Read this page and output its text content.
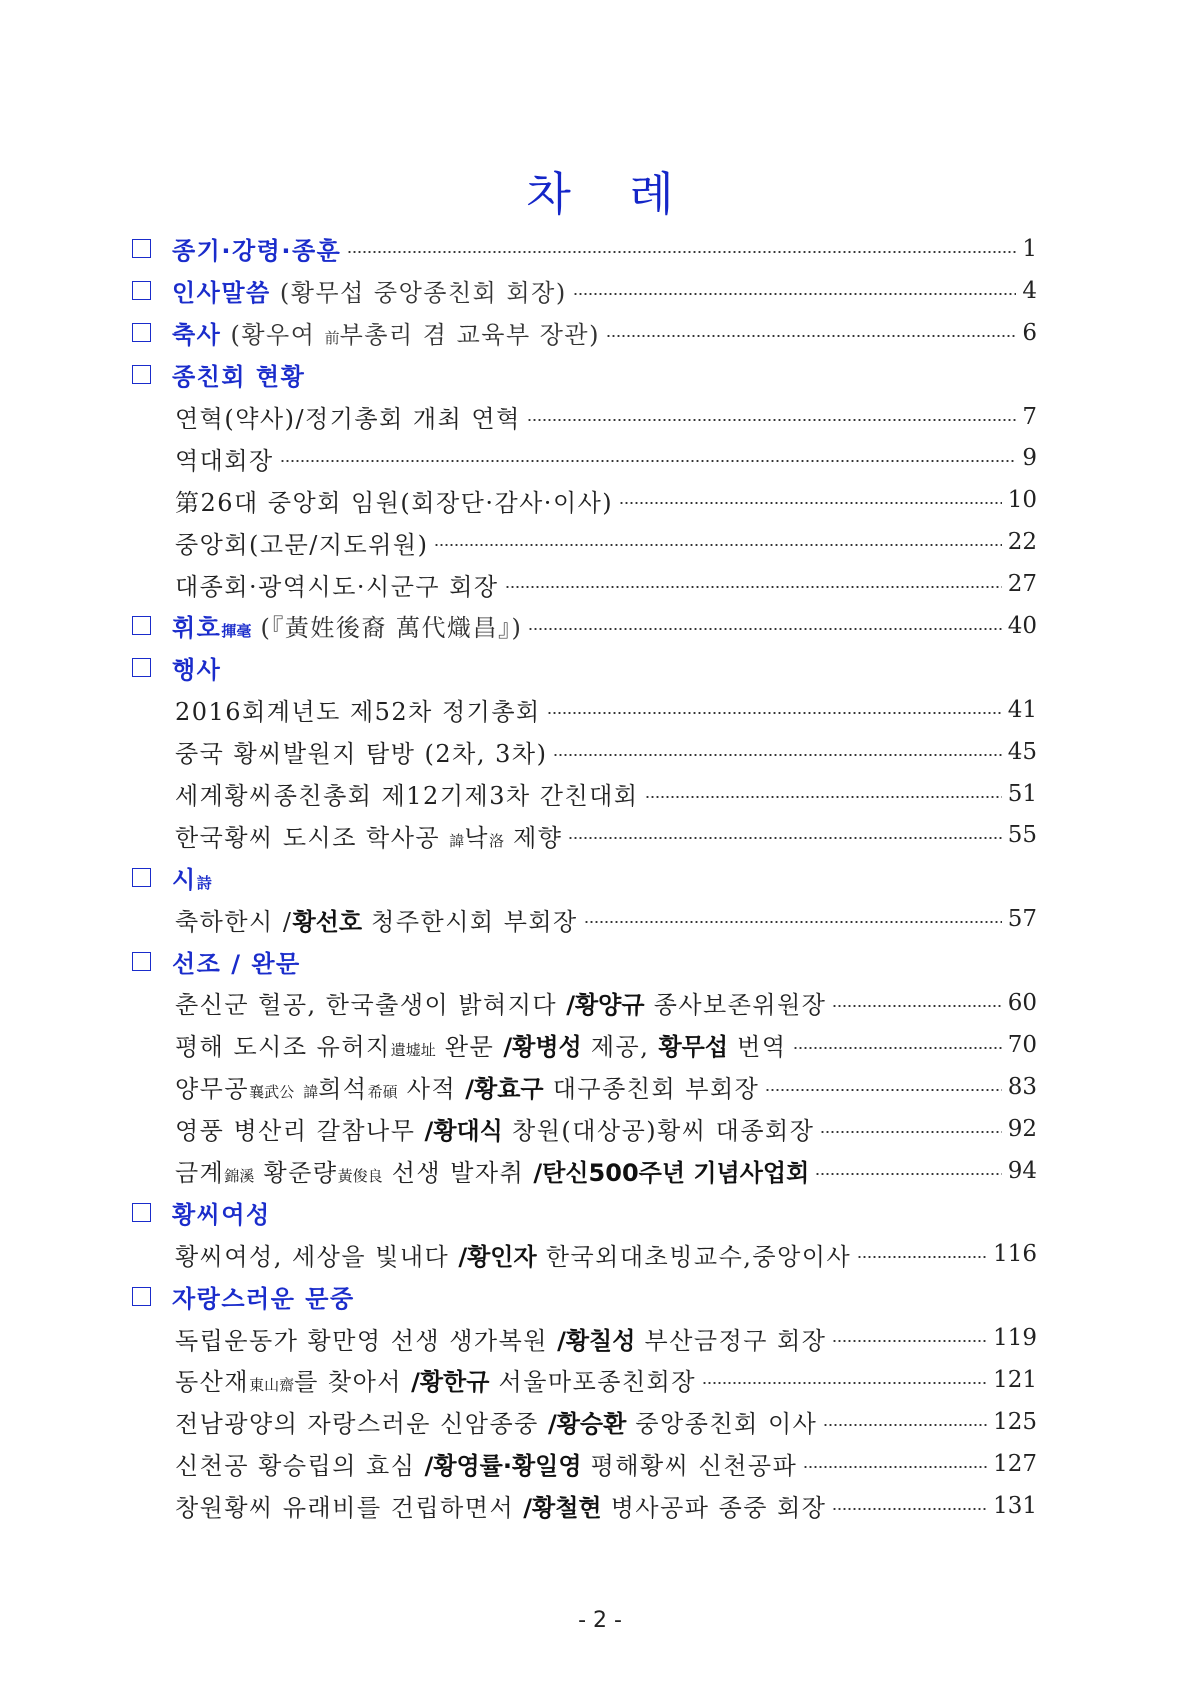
차    례
종기·강령·종훈	1
인사말씀 (황무섭 중앙종친회 회장)	4
축사 (황우여 前부총리 겸 교육부 장관)	6
종친회 현황
연혁(약사)/정기총회 개최 연혁	7
역대회장	9
第26대 중앙회 임원(회장단·감사·이사)	10
중앙회(고문/지도위원)	22
대종회·광역시도·시군구 회장	27
휘호揮毫 (『黃姓後裔 萬代熾昌』)	40
행사
2016회계년도 제52차 정기총회	41
중국 황씨발원지 탐방 (2차, 3차)	45
세계황씨종친총회 제12기제3차 간친대회	51
한국황씨 도시조 학사공 諱낙洛 제향	55
시詩
축하한시 /황선호 청주한시회 부회장	57
선조 / 완문
춘신군 헐공, 한국출생이 밝혀지다 /황양규 종사보존위원장	60
평해 도시조 유허지遺墟址 완문 /황병성 제공, 황무섭 번역	70
양무공襄武公 諱희석希碩 사적 /황효구 대구종친회 부회장	83
영풍 병산리 갈참나무 /황대식 창원(대상공)황씨 대종회장	92
금계錦溪 황준량黃俊良 선생 발자취 /탄신500주년 기념사업회	94
황씨여성
황씨여성, 세상을 빛내다 /황인자 한국외대초빙교수,중앙이사	116
자랑스러운 문중
독립운동가 황만영 선생 생가복원 /황칠성 부산금정구 회장	119
동산재東山齋를 찾아서 /황한규 서울마포종친회장	121
전남광양의 자랑스러운 신암종중 /황승환 중앙종친회 이사	125
신천공 황승립의 효심 /황영률·황일영 평해황씨 신천공파	127
창원황씨 유래비를 건립하면서 /황철현 병사공파 종중 회장	131
- 2 -
